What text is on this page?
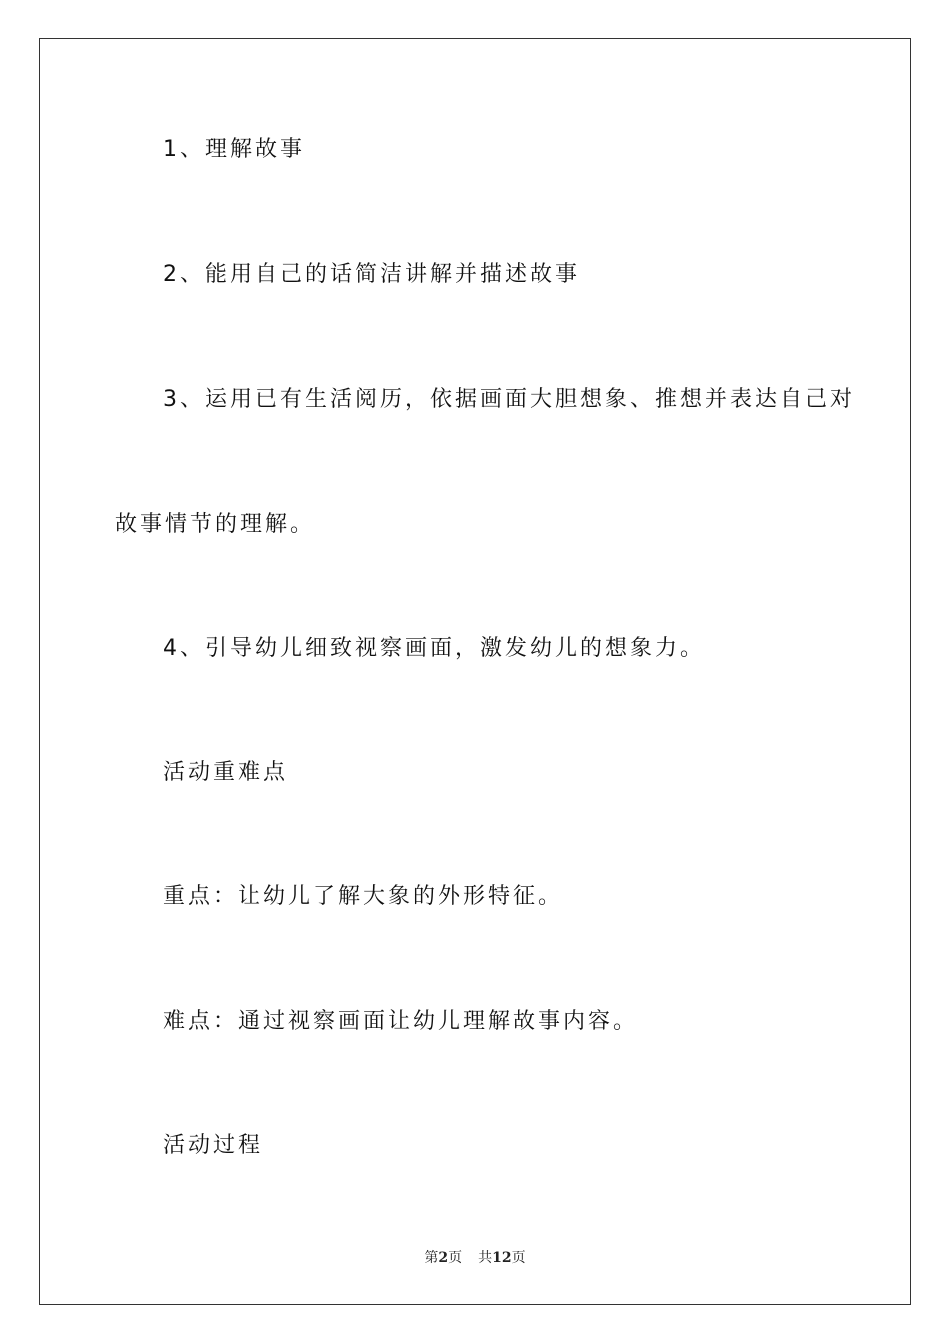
1、理解故事
2、能用自己的话简洁讲解并描述故事
3、运用已有生活阅历，依据画面大胆想象、推想并表达自己对
故事情节的理解。
4、引导幼儿细致视察画面，激发幼儿的想象力。
活动重难点
重点：让幼儿了解大象的外形特征。
难点：通过视察画面让幼儿理解故事内容。
活动过程
第2页 共12页
